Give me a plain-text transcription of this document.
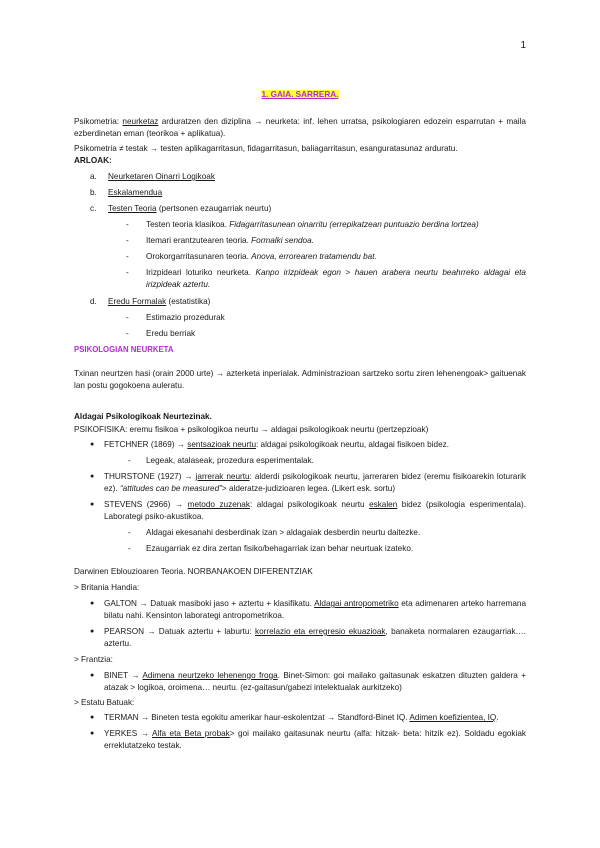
1
1. GAIA. SARRERA.
Psikometria: neurketaz arduratzen den diziplina → neurketa: inf. lehen urratsa, psikologiaren edozein esparrutan + maila ezberdinetan eman (teorikoa + aplikatua).
Psikometria ≠ testak → testen aplikagarritasun, fidagarritasun, baliagarritasun, esanguratasunaz arduratu.
ARLOAK:
a.	Neurketaren Oinarri Logikoak
b.	Eskalamendua
c.	Testen Teoria (pertsonen ezaugarriak neurtu)
-	Testen teoria klasikoa. Fidagarritasunean oinarritu (errepikatzean puntuazio berdina lortzea)
-	Itemari erantzutearen teoria. Formalki sendoa.
-	Orokorgarritasunaren teoria. Anova, errorearen tratamendu bat.
-	Irizpideari loturiko neurketa. Kanpo irizpideak egon > hauen arabera neurtu beahrreko aldagai eta irizpideak aztertu.
d.	Eredu Formalak (estatistika)
-	Estimazio prozedurak
-	Eredu berriak
PSIKOLOGIAN NEURKETA
Txinan neurtzen hasi (orain 2000 urte) → azterketa inperialak. Administrazioan sartzeko sortu ziren lehenengoak> gaituenak lan postu gogokoena auleratu.
Aldagai Psikologikoak Neurtezinak.
PSIKOFISIKA: eremu fisikoa + psikologikoa neurtu → aldagai psikologikoak neurtu (pertzepzioak)
●	FETCHNER (1869) → sentsazioak neurtu: aldagai psikologikoak neurtu, aldagai fisikoen bidez.
-	Legeak, atalaseak, prozedura esperimentalak.
●	THURSTONE (1927) → jarrerak neurtu: alderdi psikologikoak neurtu, jarreraren bidez (eremu fisikoarekin loturarik ez). “attitudes can be measured”> alderatze-judizioaren legea. (Likert esk. sortu)
●	STEVENS (2966) → metodo zuzenak: aldagai psikologikoak neurtu eskalen bidez (psikologia esperimentala). Laborategi psiko-akustikoa.
-	Aldagai ekesanahi desberdinak izan > aldagaiak desberdin neurtu daitezke.
-	Ezaugarriak ez dira zertan fisiko/behagarriak izan behar neurtuak izateko.
Darwinen Eblouzioaren Teoria. NORBANAKOEN DIFERENTZIAK
> Britania Handia:
●	GALTON → Datuak masiboki jaso + aztertu + klasifikatu. Aldagai antropometriko eta adimenaren arteko harremana bilatu nahi. Kensinton laborategi antropometrikoa.
●	PEARSON → Datuak aztertu + laburtu: korrelazio eta erregresio ekuazioak, banaketa normalaren ezaugarriak…. aztertu.
> Frantzia:
●	BINET → Adimena neurtzeko lehenengo froga. Binet-Simon: goi mailako gaitasunak eskatzen dituzten galdera + atazak > logikoa, oroimena… neurtu. (ez-gaitasun/gabezi intelektualak aurkitzeko)
> Estatu Batuak:
●	TERMAN → Bineten testa egokitu amerikar haur-eskolentzat → Standford-Binet IQ. Adimen koefizientea, IQ.
●	YERKES → Alfa eta Beta probak> goi mailako gaitasunak neurtu (alfa: hitzak- beta: hitzik ez). Soldadu egokiak erreklutatzeko testak.
